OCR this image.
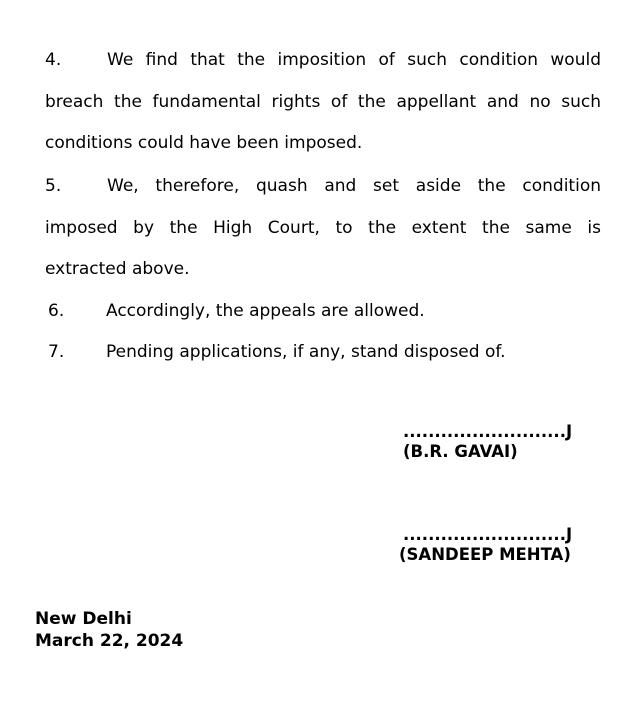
4.	We find that the imposition of such condition would
breach the fundamental rights of the appellant and no such
conditions could have been imposed.
5.	We, therefore, quash and set aside the condition
imposed by the High Court, to the extent the same is
extracted above.

6. Accordingly, the appeals are allowed.

7. Pending applications, if any, stand disposed of.

..........................J
(B.R. GAVAI)
..........................J
(SANDEEP MEHTA)
New Delhi
March 22, 2024
